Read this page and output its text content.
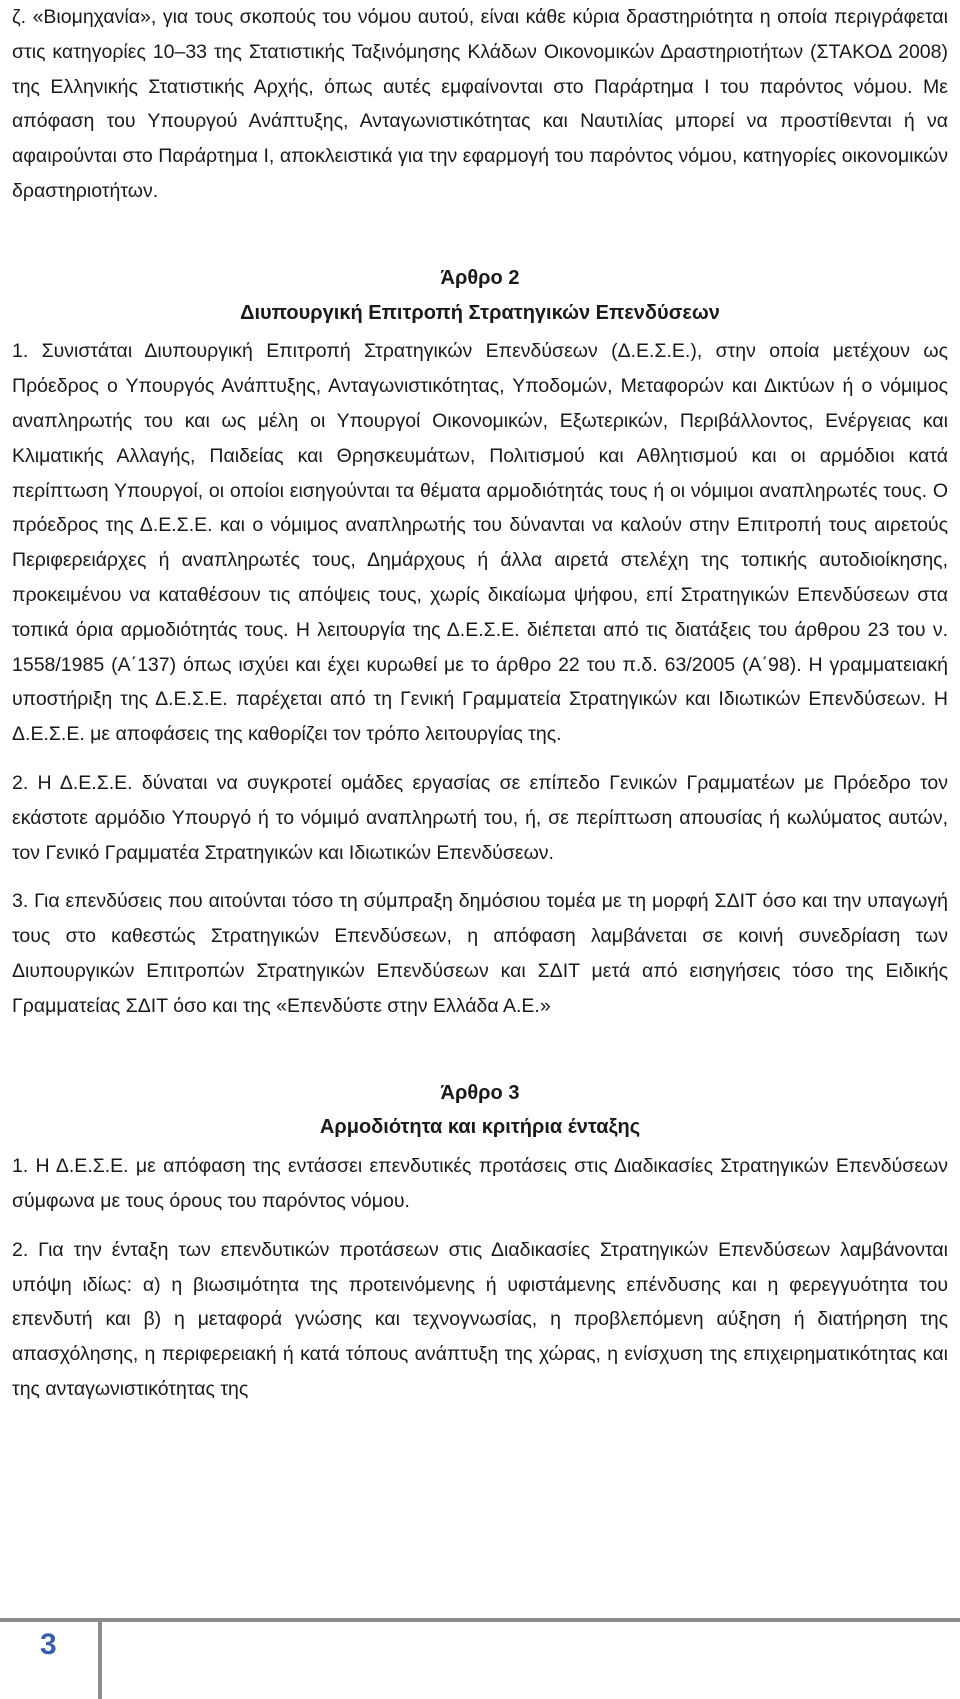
ζ. «Βιομηχανία», για τους σκοπούς του νόμου αυτού, είναι κάθε κύρια δραστηριότητα η οποία περιγράφεται στις κατηγορίες 10–33 της Στατιστικής Ταξινόμησης Κλάδων Οικονομικών Δραστηριοτήτων (ΣΤΑΚΟΔ 2008) της Ελληνικής Στατιστικής Αρχής, όπως αυτές εμφαίνονται στο Παράρτημα Ι του παρόντος νόμου. Με απόφαση του Υπουργού Ανάπτυξης, Ανταγωνιστικότητας και Ναυτιλίας μπορεί να προστίθενται ή να αφαιρούνται στο Παράρτημα Ι, αποκλειστικά για την εφαρμογή του παρόντος νόμου, κατηγορίες οικονομικών δραστηριοτήτων.

Άρθρο 2

Διυπουργική Επιτροπή Στρατηγικών Επενδύσεων

1. Συνιστάται Διυπουργική Επιτροπή Στρατηγικών Επενδύσεων (Δ.Ε.Σ.Ε.), στην οποία μετέχουν ως Πρόεδρος ο Υπουργός Ανάπτυξης, Ανταγωνιστικότητας, Υποδομών, Μεταφορών και Δικτύων ή ο νόμιμος αναπληρωτής του και ως μέλη οι Υπουργοί Οικονομικών, Εξωτερικών, Περιβάλλοντος, Ενέργειας και Κλιματικής Αλλαγής, Παιδείας και Θρησκευμάτων, Πολιτισμού και Αθλητισμού και οι αρμόδιοι κατά περίπτωση Υπουργοί, οι οποίοι εισηγούνται τα θέματα αρμοδιότητάς τους ή οι νόμιμοι αναπληρωτές τους. Ο πρόεδρος της Δ.Ε.Σ.Ε. και ο νόμιμος αναπληρωτής του δύνανται να καλούν στην Επιτροπή τους αιρετούς Περιφερειάρχες ή αναπληρωτές τους, Δημάρχους ή άλλα αιρετά στελέχη της τοπικής αυτοδιοίκησης, προκειμένου να καταθέσουν τις απόψεις τους, χωρίς δικαίωμα ψήφου, επί Στρατηγικών Επενδύσεων στα τοπικά όρια αρμοδιότητάς τους. Η λειτουργία της Δ.Ε.Σ.Ε. διέπεται από τις διατάξεις του άρθρου 23 του ν. 1558/1985 (Α΄137) όπως ισχύει και έχει κυρωθεί με το άρθρο 22 του π.δ. 63/2005 (Α΄98). Η γραμματειακή υποστήριξη της Δ.Ε.Σ.Ε. παρέχεται από τη Γενική Γραμματεία Στρατηγικών και Ιδιωτικών Επενδύσεων. Η Δ.Ε.Σ.Ε. με αποφάσεις της καθορίζει τον τρόπο λειτουργίας της.

2. Η Δ.Ε.Σ.Ε. δύναται να συγκροτεί ομάδες εργασίας σε επίπεδο Γενικών Γραμματέων με Πρόεδρο τον εκάστοτε αρμόδιο Υπουργό ή το νόμιμό αναπληρωτή του, ή, σε περίπτωση απουσίας ή κωλύματος αυτών, τον Γενικό Γραμματέα Στρατηγικών και Ιδιωτικών Επενδύσεων.

3. Για επενδύσεις που αιτούνται τόσο τη σύμπραξη δημόσιου τομέα με τη μορφή ΣΔΙΤ όσο και την υπαγωγή τους στο καθεστώς Στρατηγικών Επενδύσεων, η απόφαση λαμβάνεται σε κοινή συνεδρίαση των Διυπουργικών Επιτροπών Στρατηγικών Επενδύσεων και ΣΔΙΤ μετά από εισηγήσεις τόσο της Ειδικής Γραμματείας ΣΔΙΤ όσο και της «Επενδύστε στην Ελλάδα Α.Ε.»

Άρθρο 3

Αρμοδιότητα και κριτήρια ένταξης

1. Η Δ.Ε.Σ.Ε. με απόφαση της εντάσσει επενδυτικές προτάσεις στις Διαδικασίες Στρατηγικών Επενδύσεων σύμφωνα με τους όρους του παρόντος νόμου.

2. Για την ένταξη των επενδυτικών προτάσεων στις Διαδικασίες Στρατηγικών Επενδύσεων λαμβάνονται υπόψη ιδίως: α) η βιωσιμότητα της προτεινόμενης ή υφιστάμενης επένδυσης και η φερεγγυότητα του επενδυτή και β) η μεταφορά γνώσης και τεχνογνωσίας, η προβλεπόμενη αύξηση ή διατήρηση της απασχόλησης, η περιφερειακή ή κατά τόπους ανάπτυξη της χώρας, η ενίσχυση της επιχειρηματικότητας και της ανταγωνιστικότητας της

3
